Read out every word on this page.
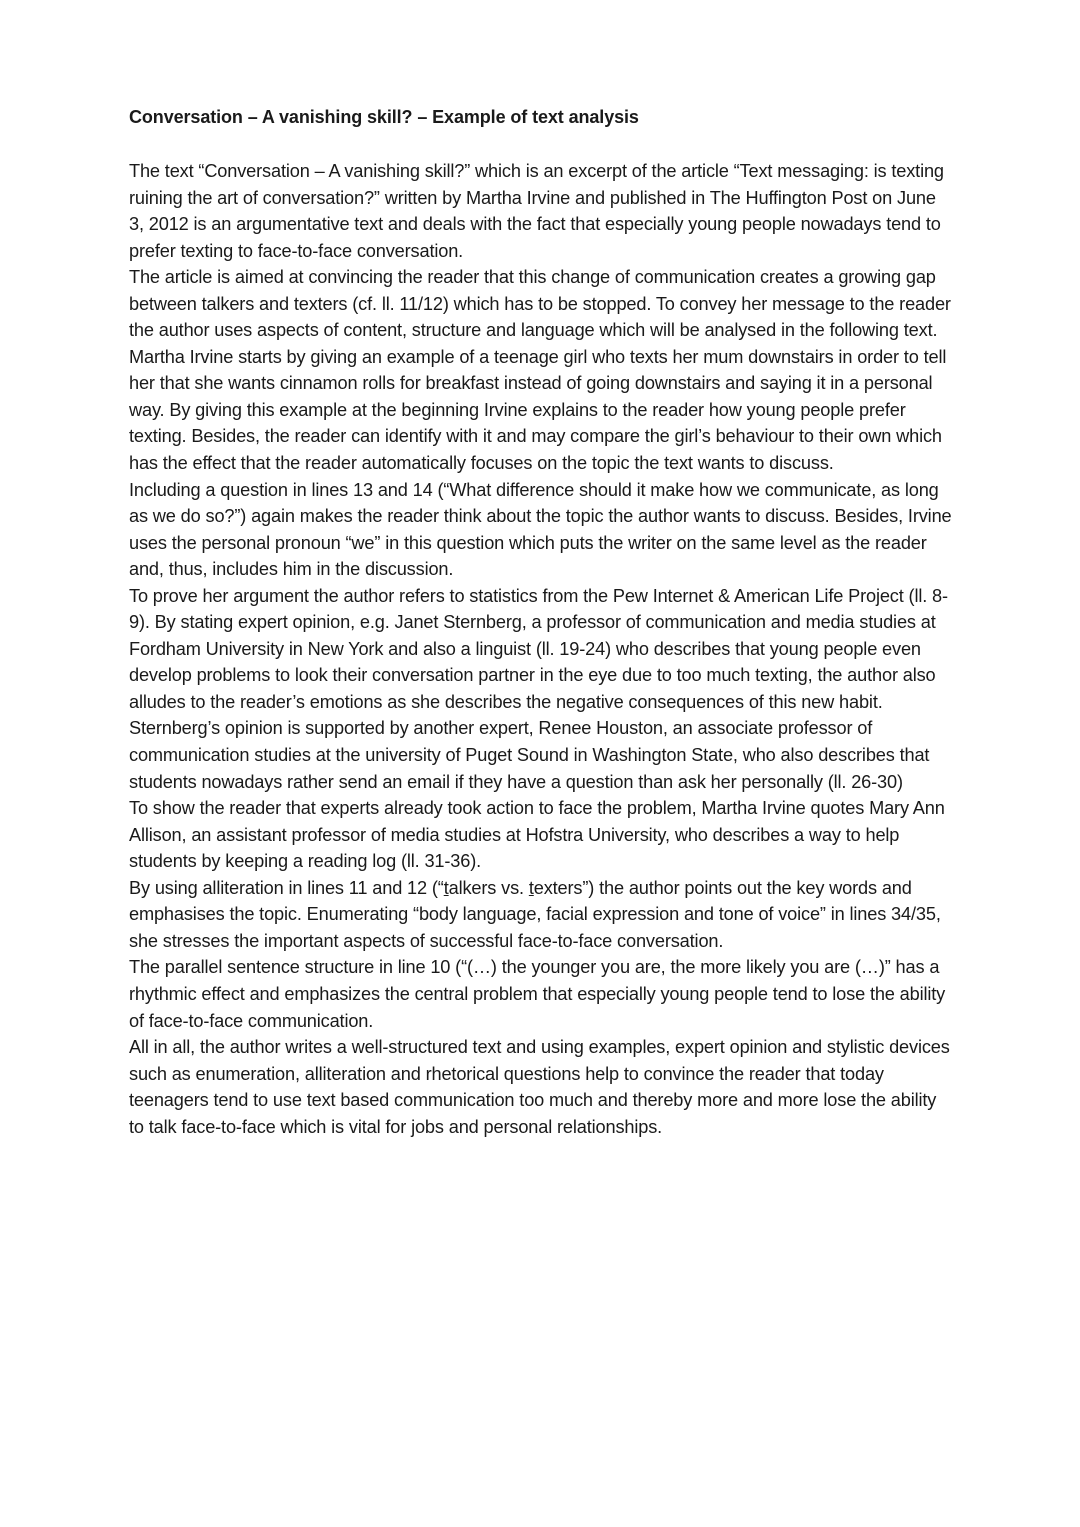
Conversation – A vanishing skill? – Example of text analysis

The text “Conversation – A vanishing skill?” which is an excerpt of the article “Text messaging: is texting ruining the art of conversation?” written by Martha Irvine and published in The Huffington Post on June 3, 2012 is an argumentative text and deals with the fact that especially young people nowadays tend to prefer texting to face-to-face conversation.

The article is aimed at convincing the reader that this change of communication creates a growing gap between talkers and texters (cf. ll. 11/12) which has to be stopped. To convey her message to the reader the author uses aspects of content, structure and language which will be analysed in the following text.

Martha Irvine starts by giving an example of a teenage girl who texts her mum downstairs in order to tell her that she wants cinnamon rolls for breakfast instead of going downstairs and saying it in a personal way. By giving this example at the beginning Irvine explains to the reader how young people prefer texting. Besides, the reader can identify with it and may compare the girl’s behaviour to their own which has the effect that the reader automatically focuses on the topic the text wants to discuss.

Including a question in lines 13 and 14 (“What difference should it make how we communicate, as long as we do so?”) again makes the reader think about the topic the author wants to discuss. Besides, Irvine uses the personal pronoun “we” in this question which puts the writer on the same level as the reader and, thus, includes him in the discussion.

To prove her argument the author refers to statistics from the Pew Internet & American Life Project (ll. 8-9). By stating expert opinion, e.g. Janet Sternberg, a professor of communication and media studies at Fordham University in New York and also a linguist (ll. 19-24) who describes that young people even develop problems to look their conversation partner in the eye due to too much texting, the author also alludes to the reader’s emotions as she describes the negative consequences of this new habit.

Sternberg’s opinion is supported by another expert, Renee Houston, an associate professor of communication studies at the university of Puget Sound in Washington State, who also describes that students nowadays rather send an email if they have a question than ask her personally (ll. 26-30)

To show the reader that experts already took action to face the problem, Martha Irvine quotes Mary Ann Allison, an assistant professor of media studies at Hofstra University, who describes a way to help students by keeping a reading log (ll. 31-36).

By using alliteration in lines 11 and 12 (“talkers vs. texters”) the author points out the key words and emphasises the topic. Enumerating “body language, facial expression and tone of voice” in lines 34/35, she stresses the important aspects of successful face-to-face conversation.

The parallel sentence structure in line 10 (“(…) the younger you are, the more likely you are (…)” has a rhythmic effect and emphasizes the central problem that especially young people tend to lose the ability of face-to-face communication.

All in all, the author writes a well-structured text and using examples, expert opinion and stylistic devices such as enumeration, alliteration and rhetorical questions help to convince the reader that today teenagers tend to use text based communication too much and thereby more and more lose the ability to talk face-to-face which is vital for jobs and personal relationships.
